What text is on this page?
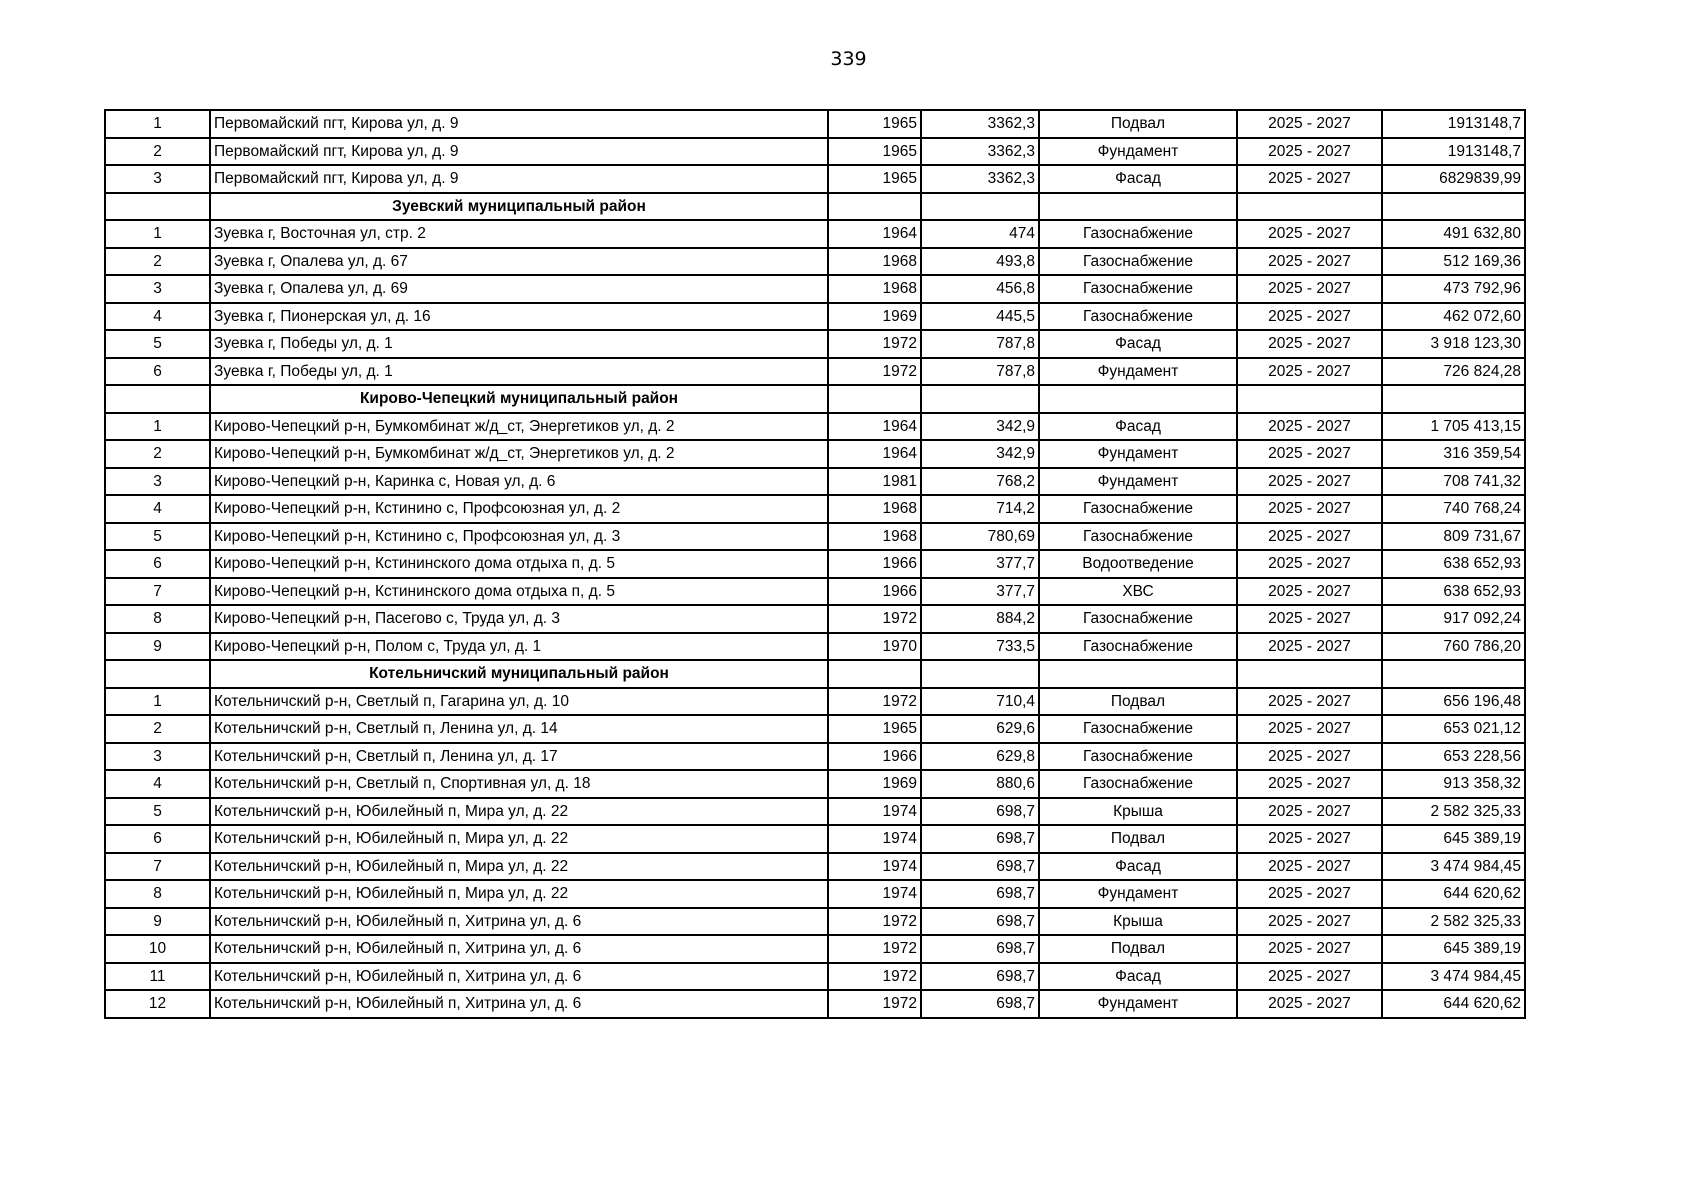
339
1	Первомайский пгт, Кирова ул, д. 9	1965	3362,3	Подвал	2025 - 2027	1913148,7
2	Первомайский пгт, Кирова ул, д. 9	1965	3362,3	Фундамент	2025 - 2027	1913148,7
3	Первомайский пгт, Кирова ул, д. 9	1965	3362,3	Фасад	2025 - 2027	6829839,99
	Зуевский муниципальный район					
1	Зуевка г, Восточная ул, стр. 2	1964	474	Газоснабжение	2025 - 2027	491 632,80
2	Зуевка г, Опалева ул, д. 67	1968	493,8	Газоснабжение	2025 - 2027	512 169,36
3	Зуевка г, Опалева ул, д. 69	1968	456,8	Газоснабжение	2025 - 2027	473 792,96
4	Зуевка г, Пионерская ул, д. 16	1969	445,5	Газоснабжение	2025 - 2027	462 072,60
5	Зуевка г, Победы ул, д. 1	1972	787,8	Фасад	2025 - 2027	3 918 123,30
6	Зуевка г, Победы ул, д. 1	1972	787,8	Фундамент	2025 - 2027	726 824,28
	Кирово-Чепецкий муниципальный район					
1	Кирово-Чепецкий р-н, Бумкомбинат ж/д_ст, Энергетиков ул, д. 2	1964	342,9	Фасад	2025 - 2027	1 705 413,15
2	Кирово-Чепецкий р-н, Бумкомбинат ж/д_ст, Энергетиков ул, д. 2	1964	342,9	Фундамент	2025 - 2027	316 359,54
3	Кирово-Чепецкий р-н, Каринка с, Новая ул, д. 6	1981	768,2	Фундамент	2025 - 2027	708 741,32
4	Кирово-Чепецкий р-н, Кстинино с, Профсоюзная ул, д. 2	1968	714,2	Газоснабжение	2025 - 2027	740 768,24
5	Кирово-Чепецкий р-н, Кстинино с, Профсоюзная ул, д. 3	1968	780,69	Газоснабжение	2025 - 2027	809 731,67
6	Кирово-Чепецкий р-н, Кстининского дома отдыха п, д. 5	1966	377,7	Водоотведение	2025 - 2027	638 652,93
7	Кирово-Чепецкий р-н, Кстининского дома отдыха п, д. 5	1966	377,7	ХВС	2025 - 2027	638 652,93
8	Кирово-Чепецкий р-н, Пасегово с, Труда ул, д. 3	1972	884,2	Газоснабжение	2025 - 2027	917 092,24
9	Кирово-Чепецкий р-н, Полом с, Труда ул, д. 1	1970	733,5	Газоснабжение	2025 - 2027	760 786,20
	Котельничский муниципальный район					
1	Котельничский р-н, Светлый п, Гагарина ул, д. 10	1972	710,4	Подвал	2025 - 2027	656 196,48
2	Котельничский р-н, Светлый п, Ленина ул, д. 14	1965	629,6	Газоснабжение	2025 - 2027	653 021,12
3	Котельничский р-н, Светлый п, Ленина ул, д. 17	1966	629,8	Газоснабжение	2025 - 2027	653 228,56
4	Котельничский р-н, Светлый п, Спортивная ул, д. 18	1969	880,6	Газоснабжение	2025 - 2027	913 358,32
5	Котельничский р-н, Юбилейный п, Мира ул, д. 22	1974	698,7	Крыша	2025 - 2027	2 582 325,33
6	Котельничский р-н, Юбилейный п, Мира ул, д. 22	1974	698,7	Подвал	2025 - 2027	645 389,19
7	Котельничский р-н, Юбилейный п, Мира ул, д. 22	1974	698,7	Фасад	2025 - 2027	3 474 984,45
8	Котельничский р-н, Юбилейный п, Мира ул, д. 22	1974	698,7	Фундамент	2025 - 2027	644 620,62
9	Котельничский р-н, Юбилейный п, Хитрина ул, д. 6	1972	698,7	Крыша	2025 - 2027	2 582 325,33
10	Котельничский р-н, Юбилейный п, Хитрина ул, д. 6	1972	698,7	Подвал	2025 - 2027	645 389,19
11	Котельничский р-н, Юбилейный п, Хитрина ул, д. 6	1972	698,7	Фасад	2025 - 2027	3 474 984,45
12	Котельничский р-н, Юбилейный п, Хитрина ул, д. 6	1972	698,7	Фундамент	2025 - 2027	644 620,62
